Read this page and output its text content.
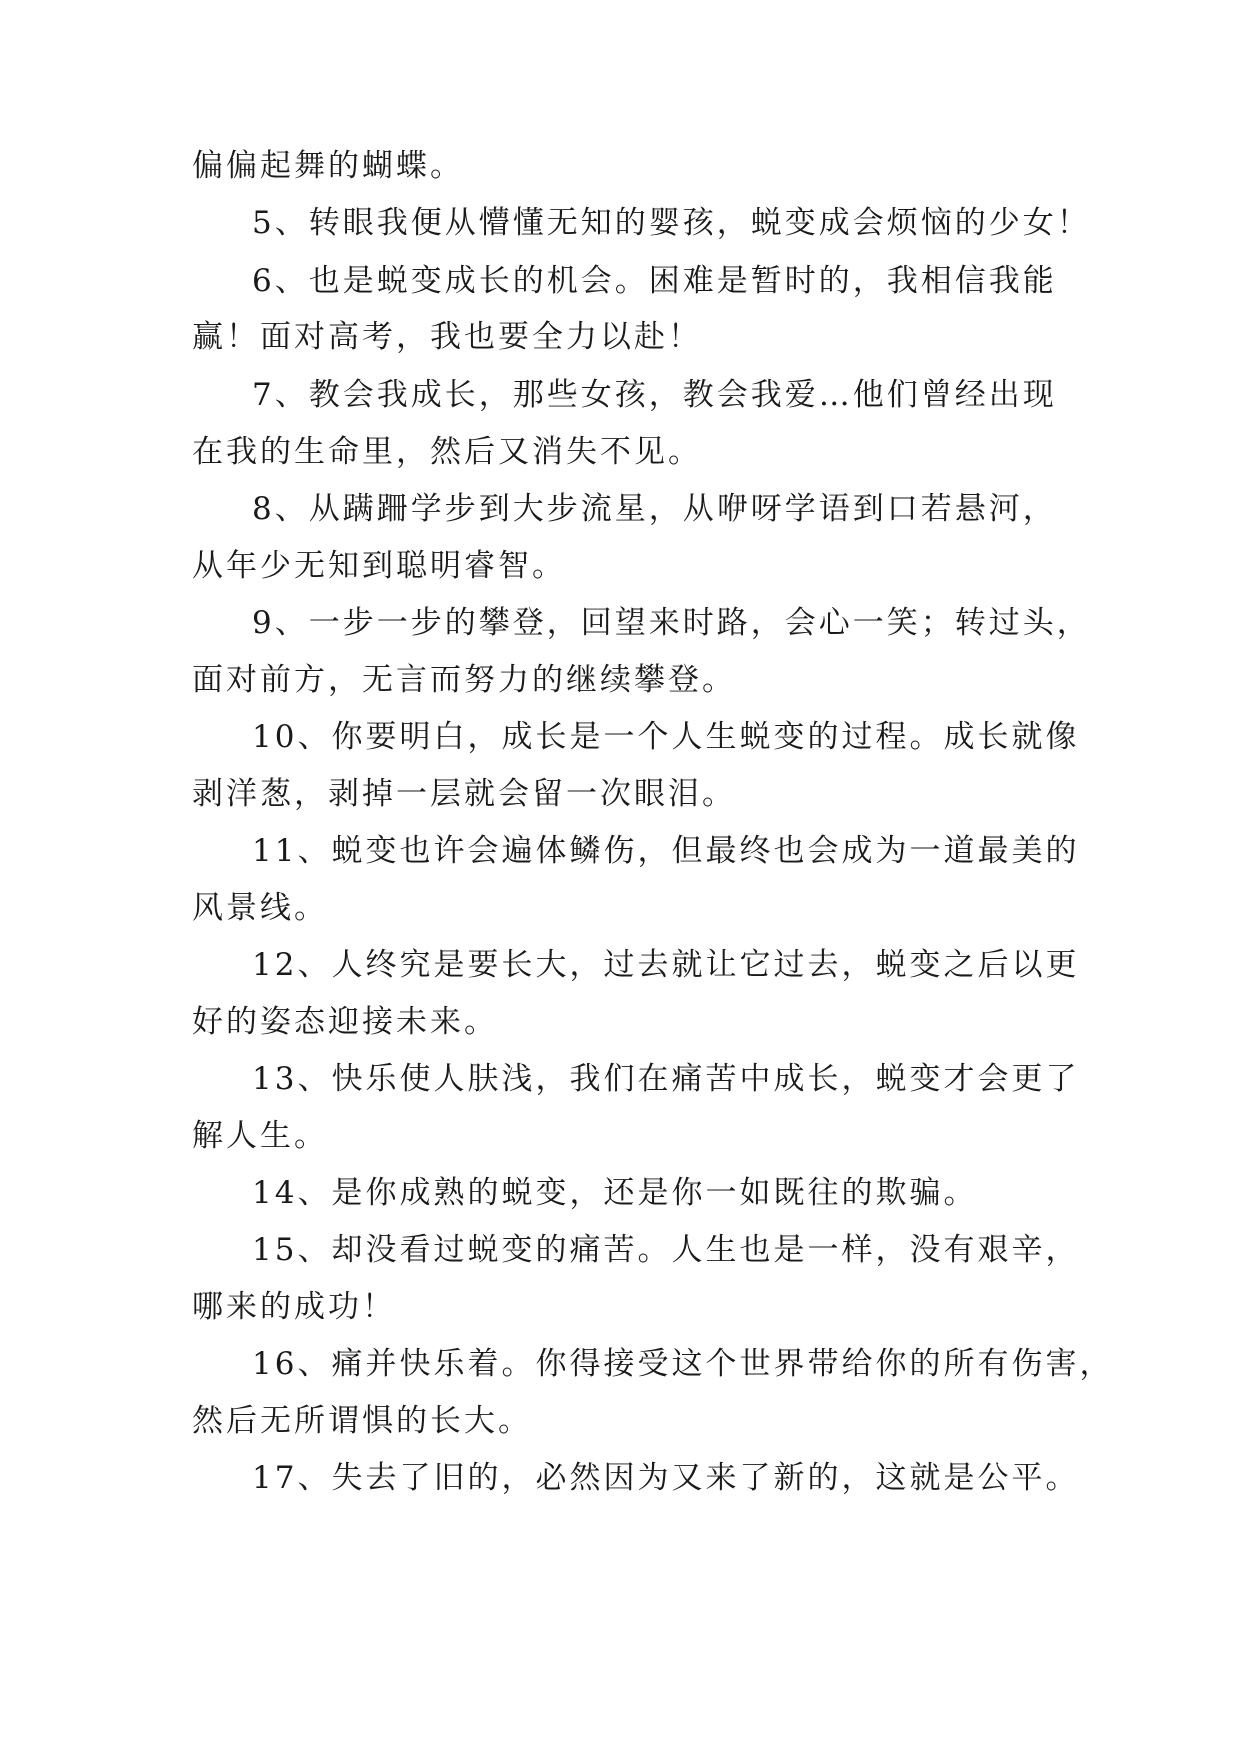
偏偏起舞的蝴蝶。
5、转眼我便从懵懂无知的婴孩，蜕变成会烦恼的少女！
6、也是蜕变成长的机会。困难是暂时的，我相信我能
赢！面对高考，我也要全力以赴！
7、教会我成长，那些女孩，教会我爱…他们曾经出现
在我的生命里，然后又消失不见。
8、从蹒跚学步到大步流星，从咿呀学语到口若悬河，
从年少无知到聪明睿智。
9、一步一步的攀登，回望来时路，会心一笑；转过头，
面对前方，无言而努力的继续攀登。
10、你要明白，成长是一个人生蜕变的过程。成长就像
剥洋葱，剥掉一层就会留一次眼泪。
11、蜕变也许会遍体鳞伤，但最终也会成为一道最美的
风景线。
12、人终究是要长大，过去就让它过去，蜕变之后以更
好的姿态迎接未来。
13、快乐使人肤浅，我们在痛苦中成长，蜕变才会更了
解人生。
14、是你成熟的蜕变，还是你一如既往的欺骗。
15、却没看过蜕变的痛苦。人生也是一样，没有艰辛，
哪来的成功！
16、痛并快乐着。你得接受这个世界带给你的所有伤害，
然后无所谓惧的长大。
17、失去了旧的，必然因为又来了新的，这就是公平。
